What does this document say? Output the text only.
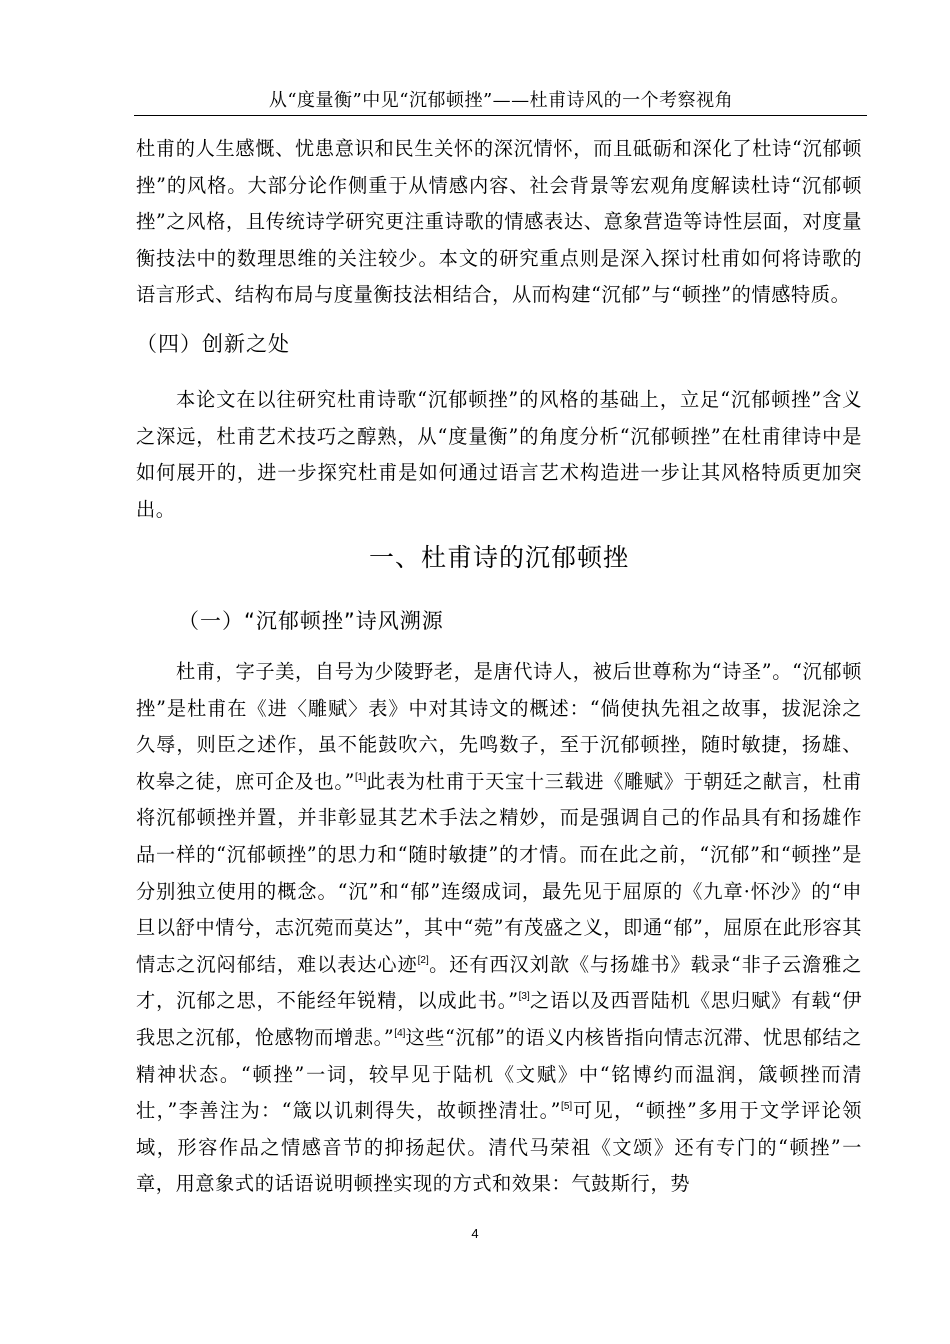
从“度量衡”中见“沉郁顿挫”——杜甫诗风的一个考察视角

杜甫的人生感慨、忧患意识和民生关怀的深沉情怀，而且砥砺和深化了杜诗“沉郁顿挫”的风格。大部分论作侧重于从情感内容、社会背景等宏观角度解读杜诗“沉郁顿挫”之风格，且传统诗学研究更注重诗歌的情感表达、意象营造等诗性层面，对度量衡技法中的数理思维的关注较少。本文的研究重点则是深入探讨杜甫如何将诗歌的语言形式、结构布局与度量衡技法相结合，从而构建“沉郁”与“顿挫”的情感特质。

（四）创新之处

本论文在以往研究杜甫诗歌“沉郁顿挫”的风格的基础上，立足“沉郁顿挫”含义之深远，杜甫艺术技巧之醇熟，从“度量衡”的角度分析“沉郁顿挫”在杜甫律诗中是如何展开的，进一步探究杜甫是如何通过语言艺术构造进一步让其风格特质更加突出。

一、杜甫诗的沉郁顿挫
（一）“沉郁顿挫”诗风溯源

杜甫，字子美，自号为少陵野老，是唐代诗人，被后世尊称为“诗圣”。“沉郁顿挫”是杜甫在《进〈雕赋〉表》中对其诗文的概述：“倘使执先祖之故事，拔泥涂之久辱，则臣之述作，虽不能鼓吹六，先鸣数子，至于沉郁顿挫，随时敏捷，扬雄、枚皋之徒，庶可企及也。”[1]此表为杜甫于天宝十三载进《雕赋》于朝廷之献言，杜甫将沉郁顿挫并置，并非彰显其艺术手法之精妙，而是强调自己的作品具有和扬雄作品一样的“沉郁顿挫”的思力和“随时敏捷”的才情。而在此之前，“沉郁”和“顿挫”是分别独立使用的概念。“沉”和“郁”连缀成词，最先见于屈原的《九章·怀沙》的“申旦以舒中情兮，志沉菀而莫达”，其中“菀”有茂盛之义，即通“郁”，屈原在此形容其情志之沉闷郁结，难以表达心迹[2]。还有西汉刘歆《与扬雄书》载录“非子云澹雅之才，沉郁之思，不能经年锐精，以成此书。”[3]之语以及西晋陆机《思归赋》有载“伊我思之沉郁，怆感物而增悲。”[4]这些“沉郁”的语义内核皆指向情志沉滞、忧思郁结之精神状态。“顿挫”一词，较早见于陆机《文赋》中“铭博约而温润，箴顿挫而清壮，”李善注为：“箴以讥刺得失，故顿挫清壮。”[5]可见，“顿挫”多用于文学评论领域，形容作品之情感音节的抑扬起伏。清代马荣祖《文颂》还有专门的“顿挫”一章，用意象式的话语说明顿挫实现的方式和效果：气鼓斯行，势

4
